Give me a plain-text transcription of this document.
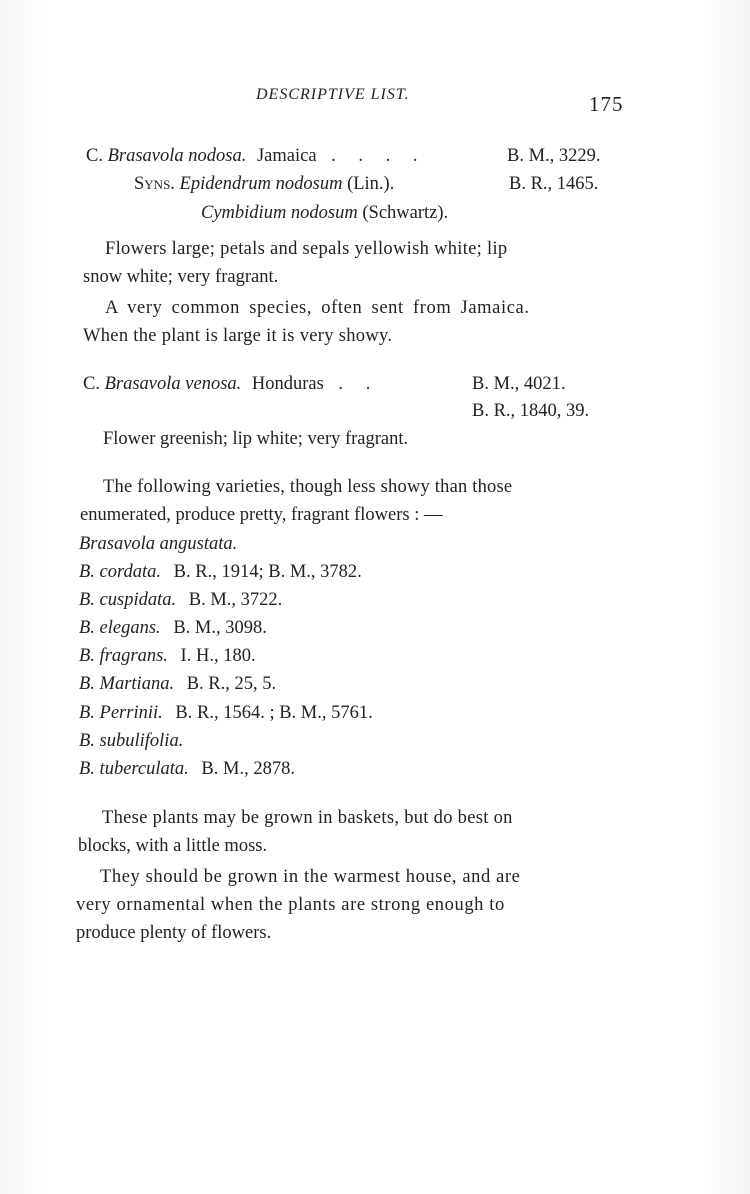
DESCRIPTIVE LIST.	175
C. Brasavola nodosa. Jamaica . . . .	B. M., 3229.
Syns. Epidendrum nodosum (Lin.).	B. R., 1465.
Cymbidium nodosum (Schwartz).
Flowers large; petals and sepals yellowish white; lip
snow white; very fragrant.
A very common species, often sent from Jamaica.
When the plant is large it is very showy.
C. Brasavola venosa. Honduras . .	B. M., 4021.
B. R., 1840, 39.
Flower greenish; lip white; very fragrant.
The following varieties, though less showy than those
enumerated, produce pretty, fragrant flowers : —
Brasavola angustata.
B. cordata. B. R., 1914; B. M., 3782.
B. cuspidata. B. M., 3722.
B. elegans. B. M., 3098.
B. fragrans. I. H., 180.
B. Martiana. B. R., 25, 5.
B. Perrinii. B. R., 1564. ; B. M., 5761.
B. subulifolia.
B. tuberculata. B. M., 2878.
These plants may be grown in baskets, but do best on
blocks, with a little moss.
They should be grown in the warmest house, and are
very ornamental when the plants are strong enough to
produce plenty of flowers.
